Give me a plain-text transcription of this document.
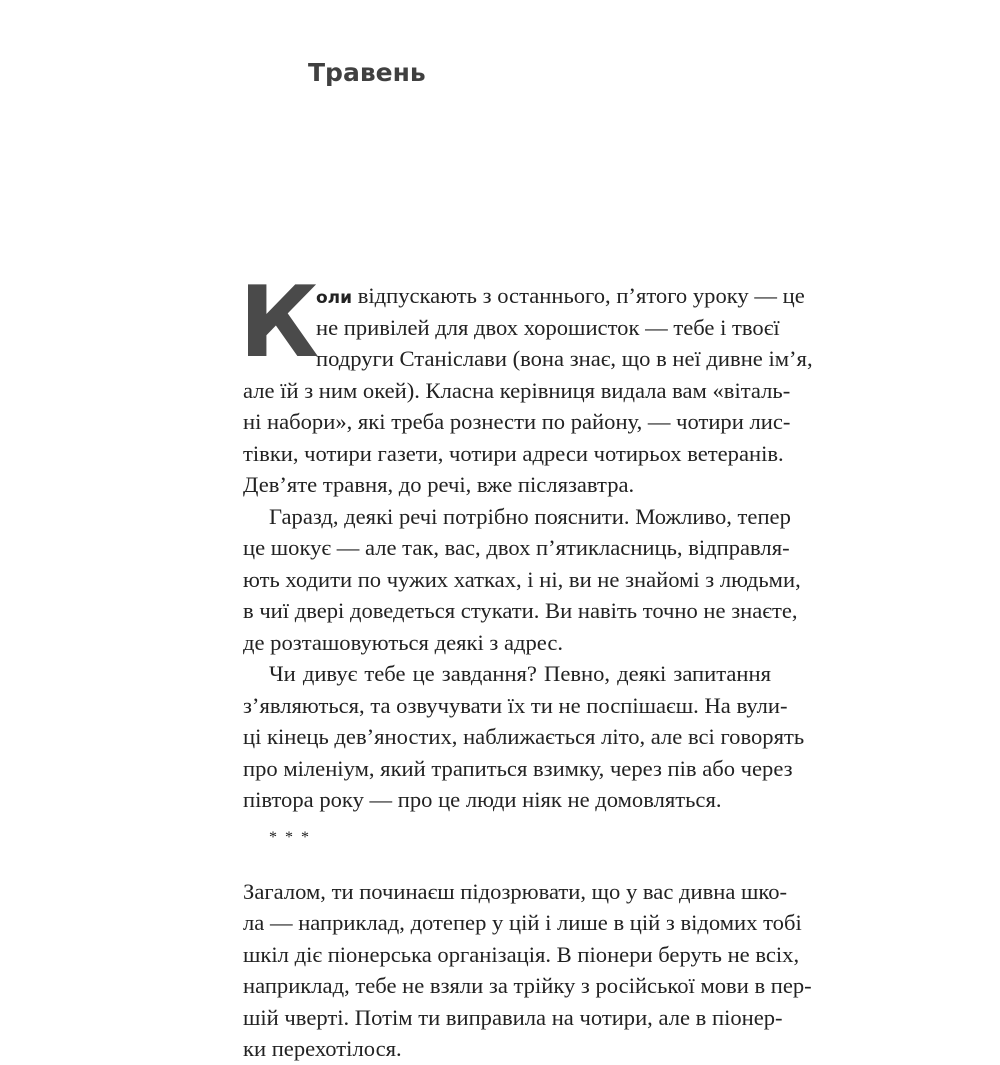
Травень
К
оли відпускають з останнього, п’ятого уроку — це
не привілей для двох хорошисток — тебе і твоєї
подруги Станіслави (вона знає, що в неї дивне ім’я,
але їй з ним окей). Класна керівниця видала вам «віталь-
ні набори», які треба рознести по району, — чотири лис-
тівки, чотири газети, чотири адреси чотирьох ветеранів.
Дев’яте травня, до речі, вже післязавтра.
Гаразд, деякі речі потрібно пояснити. Можливо, тепер
це шокує — але так, вас, двох п’ятикласниць, відправля-
ють ходити по чужих хатках, і ні, ви не знайомі з людьми,
в чиї двері доведеться стукати. Ви навіть точно не знаєте,
де розташовуються деякі з адрес.
Чи дивує тебе це завдання? Певно, деякі запитання
з’являються, та озвучувати їх ти не поспішаєш. На вули-
ці кінець дев’яностих, наближається літо, але всі говорять
про міленіум, який трапиться взимку, через пів або через
півтора року — про це люди ніяк не домовляться.
* * *
Загалом, ти починаєш підозрювати, що у вас дивна шко-
ла — наприклад, дотепер у цій і лише в цій з відомих тобі
шкіл діє піонерська організація. В піонери беруть не всіх,
наприклад, тебе не взяли за трійку з російської мови в пер-
шій чверті. Потім ти виправила на чотири, але в піонер-
ки перехотілося.
